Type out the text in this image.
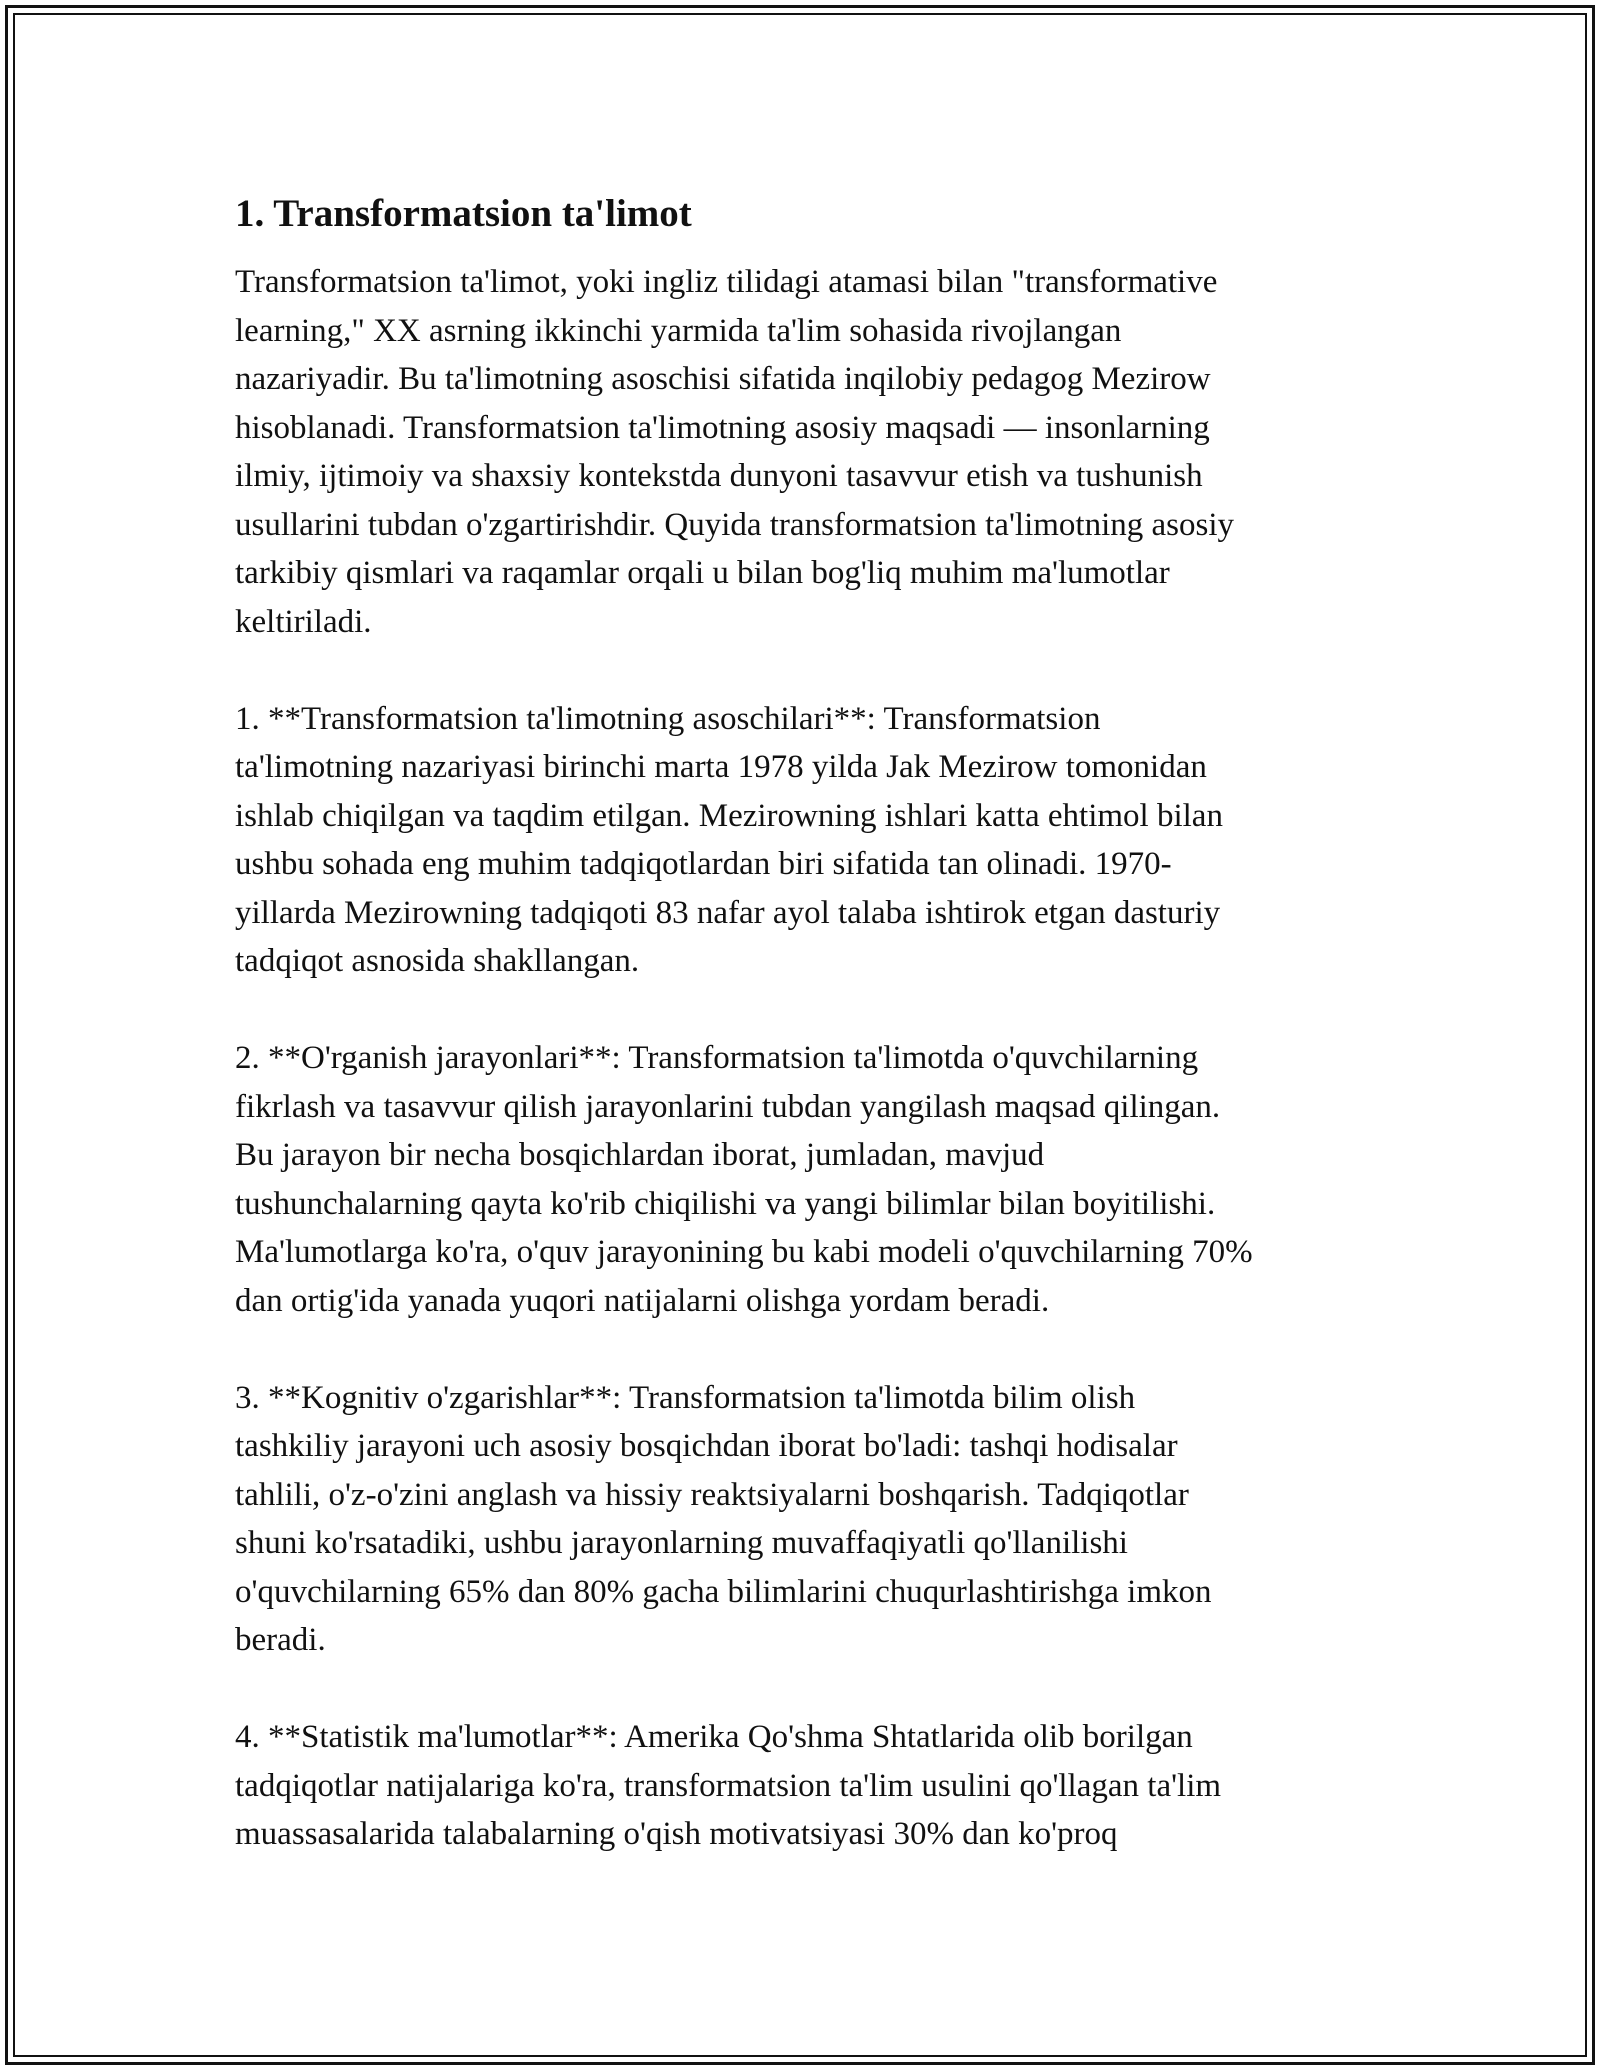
1. Transformatsion ta'limot

Transformatsion ta'limot, yoki ingliz tilidagi atamasi bilan "transformative
learning," XX asrning ikkinchi yarmida ta'lim sohasida rivojlangan
nazariyadir. Bu ta'limotning asoschisi sifatida inqilobiy pedagog Mezirow
hisoblanadi. Transformatsion ta'limotning asosiy maqsadi — insonlarning
ilmiy, ijtimoiy va shaxsiy kontekstda dunyoni tasavvur etish va tushunish
usullarini tubdan o'zgartirishdir. Quyida transformatsion ta'limotning asosiy
tarkibiy qismlari va raqamlar orqali u bilan bog'liq muhim ma'lumotlar
keltiriladi.

1. **Transformatsion ta'limotning asoschilari**: Transformatsion
ta'limotning nazariyasi birinchi marta 1978 yilda Jak Mezirow tomonidan
ishlab chiqilgan va taqdim etilgan. Mezirowning ishlari katta ehtimol bilan
ushbu sohada eng muhim tadqiqotlardan biri sifatida tan olinadi. 1970-
yillarda Mezirowning tadqiqoti 83 nafar ayol talaba ishtirok etgan dasturiy
tadqiqot asnosida shakllangan.

2. **O'rganish jarayonlari**: Transformatsion ta'limotda o'quvchilarning
fikrlash va tasavvur qilish jarayonlarini tubdan yangilash maqsad qilingan.
Bu jarayon bir necha bosqichlardan iborat, jumladan, mavjud
tushunchalarning qayta ko'rib chiqilishi va yangi bilimlar bilan boyitilishi.
Ma'lumotlarga ko'ra, o'quv jarayonining bu kabi modeli o'quvchilarning 70%
dan ortig'ida yanada yuqori natijalarni olishga yordam beradi.

3. **Kognitiv o'zgarishlar**: Transformatsion ta'limotda bilim olish
tashkiliy jarayoni uch asosiy bosqichdan iborat bo'ladi: tashqi hodisalar
tahlili, o'z-o'zini anglash va hissiy reaktsiyalarni boshqarish. Tadqiqotlar
shuni ko'rsatadiki, ushbu jarayonlarning muvaffaqiyatli qo'llanilishi
o'quvchilarning 65% dan 80% gacha bilimlarini chuqurlashtirishga imkon
beradi.

4. **Statistik ma'lumotlar**: Amerika Qo'shma Shtatlarida olib borilgan
tadqiqotlar natijalariga ko'ra, transformatsion ta'lim usulini qo'llagan ta'lim
muassasalarida talabalarning o'qish motivatsiyasi 30% dan ko'proq
